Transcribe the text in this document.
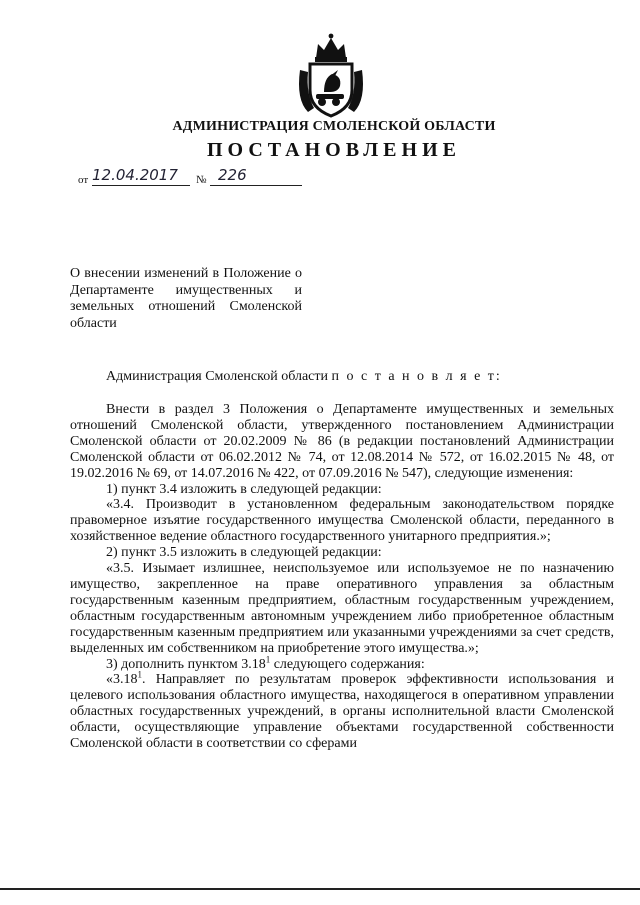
АДМИНИСТРАЦИЯ СМОЛЕНСКОЙ ОБЛАСТИ
ПОСТАНОВЛЕНИЕ
от 12.04.2017 № 226
О внесении изменений в Положение о Департаменте имущественных и земельных отношений Смоленской области
Администрация Смоленской области п о с т а н о в л я е т:

Внести в раздел 3 Положения о Департаменте имущественных и земельных отношений Смоленской области, утвержденного постановлением Администрации Смоленской области от 20.02.2009 № 86 (в редакции постановлений Администрации Смоленской области от 06.02.2012 № 74, от 12.08.2014 № 572, от 16.02.2015 № 48, от 19.02.2016 № 69, от 14.07.2016 № 422, от 07.09.2016 № 547), следующие изменения:

1) пункт 3.4 изложить в следующей редакции:

«3.4. Производит в установленном федеральным законодательством порядке правомерное изъятие государственного имущества Смоленской области, переданного в хозяйственное ведение областного государственного унитарного предприятия.»;

2) пункт 3.5 изложить в следующей редакции:

«3.5. Изымает излишнее, неиспользуемое или используемое не по назначению имущество, закрепленное на праве оперативного управления за областным государственным казенным предприятием, областным государственным учреждением, областным государственным автономным учреждением либо приобретенное областным государственным казенным предприятием или указанными учреждениями за счет средств, выделенных им собственником на приобретение этого имущества.»;

3) дополнить пунктом 3.18$^1$ следующего содержания:

«3.18$^1$. Направляет по результатам проверок эффективности использования и целевого использования областного имущества, находящегося в оперативном управлении областных государственных учреждений, в органы исполнительной власти Смоленской области, осуществляющие управление объектами государственной собственности Смоленской области в соответствии со сферами
